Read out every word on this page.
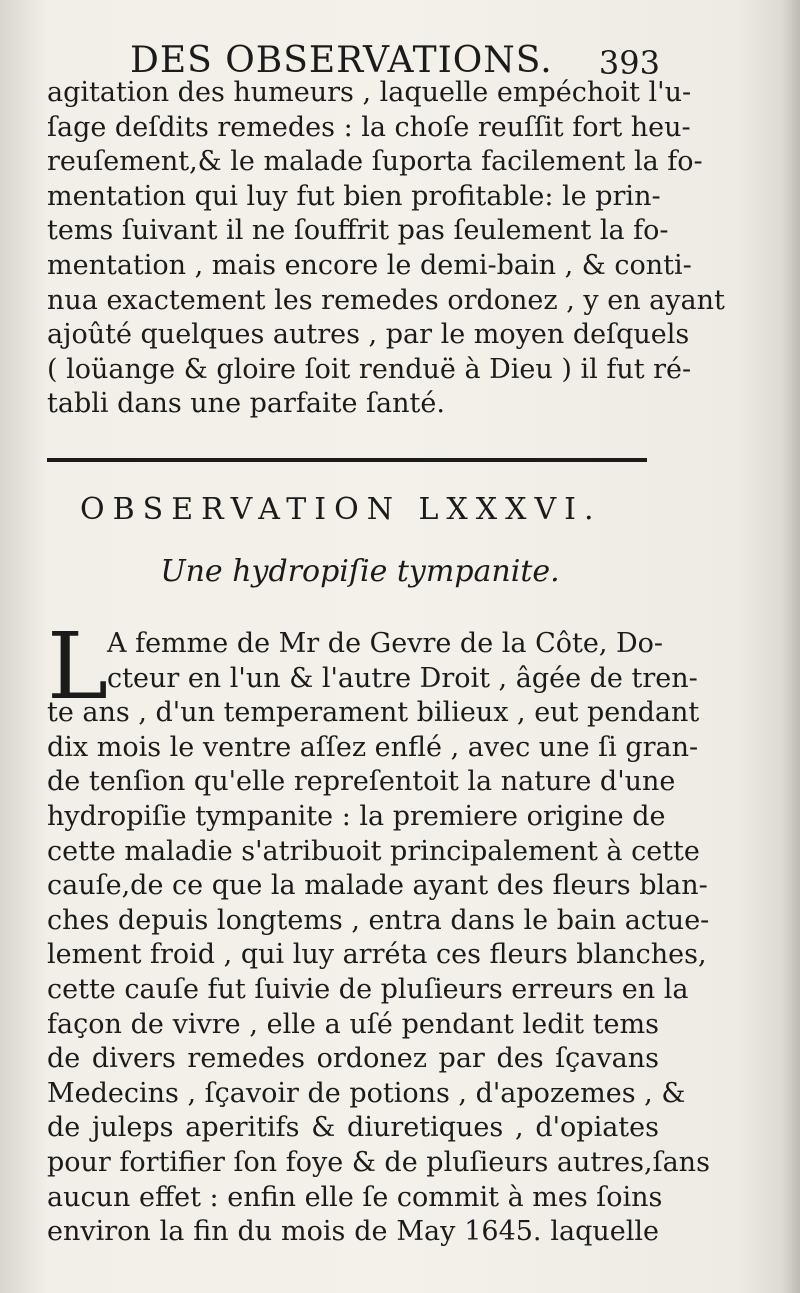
DES OBSERVATIONS. 393
agitation des humeurs , laquelle empéchoit l'u-
ſage deſdits remedes : la choſe reuſſit fort heu-
reuſement,& le malade ſuporta facilement la fo-
mentation qui luy fut bien profitable: le prin-
tems ſuivant il ne ſouffrit pas ſeulement la fo-
mentation , mais encore le demi-bain , & conti-
nua exactement les remedes ordonez , y en ayant
ajoûté quelques autres , par le moyen deſquels
( loüange & gloire ſoit renduë à Dieu ) il fut ré-
tabli dans une parfaite ſanté.
OBSERVATION LXXXVI.
Une hydropiſie tympanite.
L
A femme de Mr de Gevre de la Côte, Do-
cteur en l'un & l'autre Droit , âgée de tren-
te ans , d'un temperament bilieux , eut pendant
dix mois le ventre aſſez enflé , avec une ſi gran-
de tenſion qu'elle repreſentoit la nature d'une
hydropiſie tympanite : la premiere origine de
cette maladie s'atribuoit principalement à cette
cauſe,de ce que la malade ayant des fleurs blan-
ches depuis longtems , entra dans le bain actue-
lement froid , qui luy arréta ces fleurs blanches,
cette cauſe fut ſuivie de pluſieurs erreurs en la
façon de vivre , elle a uſé pendant ledit tems
de divers remedes ordonez par des ſçavans
Medecins , ſçavoir de potions , d'apozemes , &
de juleps aperitifs & diuretiques , d'opiates
pour fortifier ſon foye & de pluſieurs autres,ſans
aucun effet : enfin elle ſe commit à mes ſoins
environ la fin du mois de May 1645. laquelle
